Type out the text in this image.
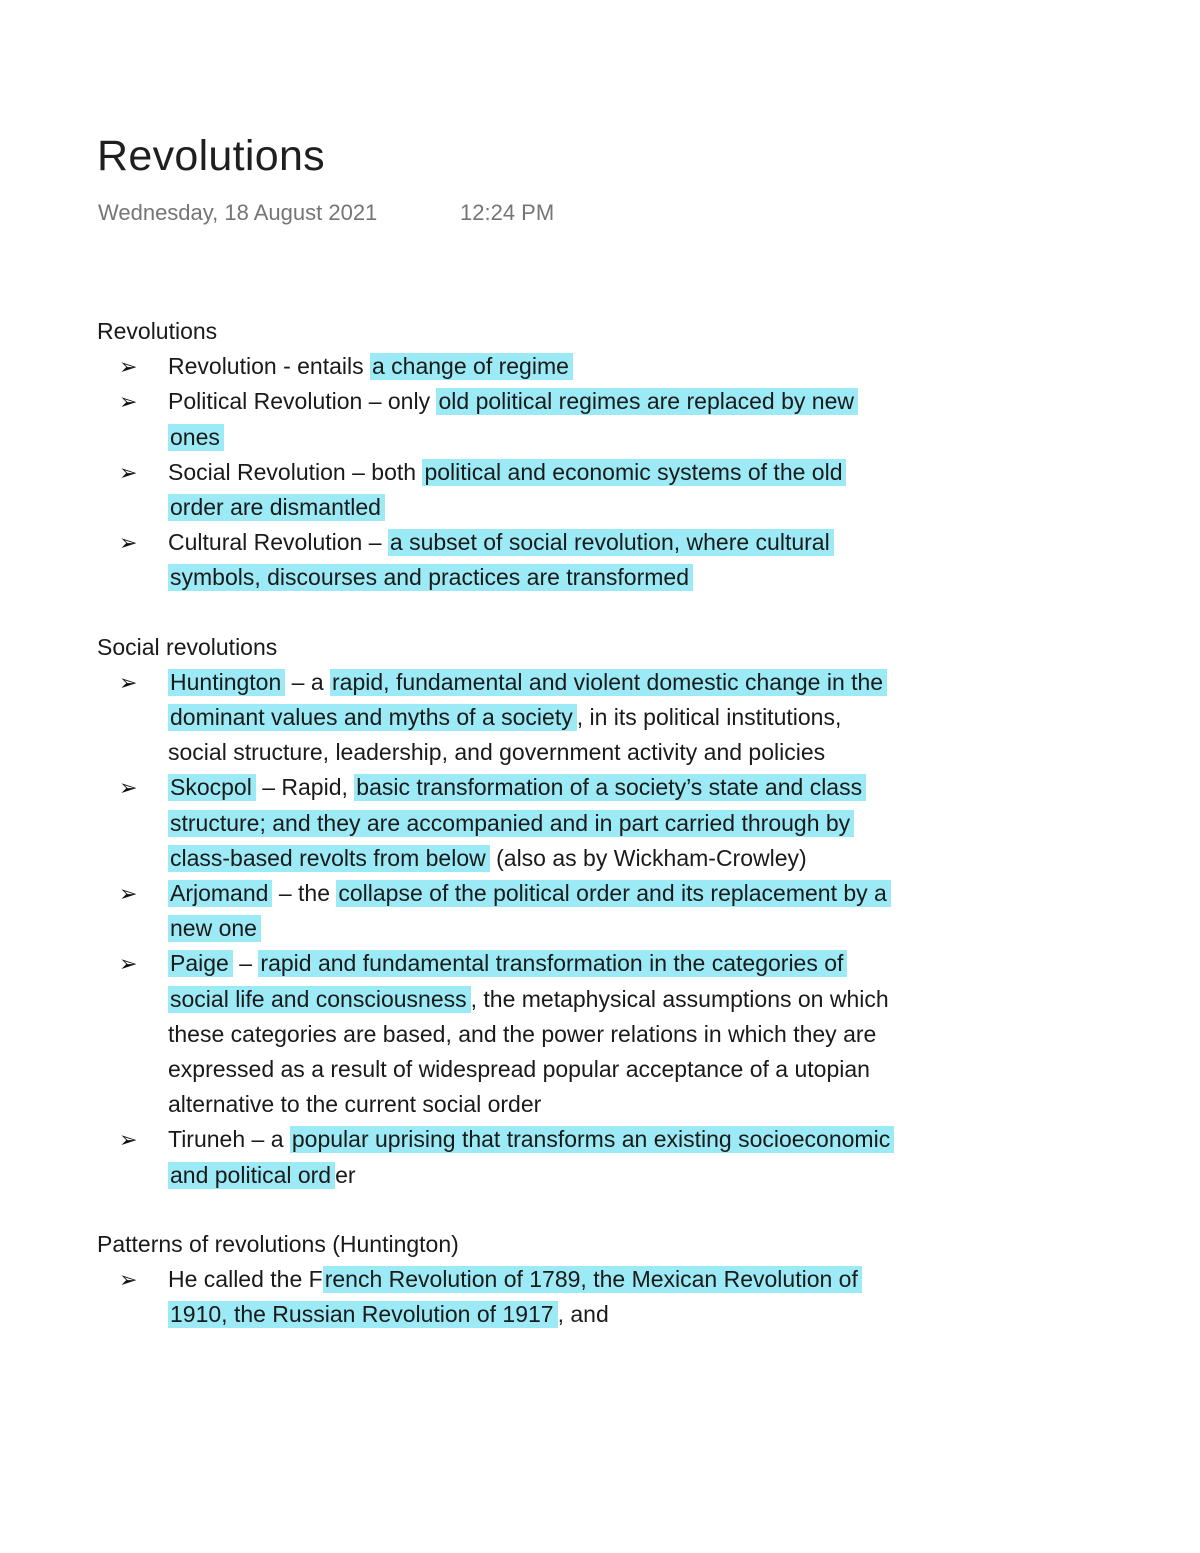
Revolutions
Wednesday, 18 August 2021	12:24 PM
Revolutions
➢ Revolution - entails a change of regime
➢ Political Revolution – only old political regimes are replaced by new ones
➢ Social Revolution – both political and economic systems of the old order are dismantled
➢ Cultural Revolution – a subset of social revolution, where cultural symbols, discourses and practices are transformed
Social revolutions
➢ Huntington – a rapid, fundamental and violent domestic change in the dominant values and myths of a society , in its political institutions, social structure, leadership, and government activity and policies
➢ Skocpol – Rapid, basic transformation of a society’s state and class structure; and they are accompanied and in part carried through by class-based revolts from below (also as by Wickham-Crowley)
➢ Arjomand – the collapse of the political order and its replacement by a new one
➢ Paige – rapid and fundamental transformation in the categories of social life and consciousness , the metaphysical assumptions on which these categories are based, and the power relations in which they are expressed as a result of widespread popular acceptance of a utopian alternative to the current social order
➢ Tiruneh – a popular uprising that transforms an existing socioeconomic and political ord er
Patterns of revolutions (Huntington)
➢ He called the French Revolution of 1789, the Mexican Revolution of 1910, the Russian Revolution of 1917 , and
